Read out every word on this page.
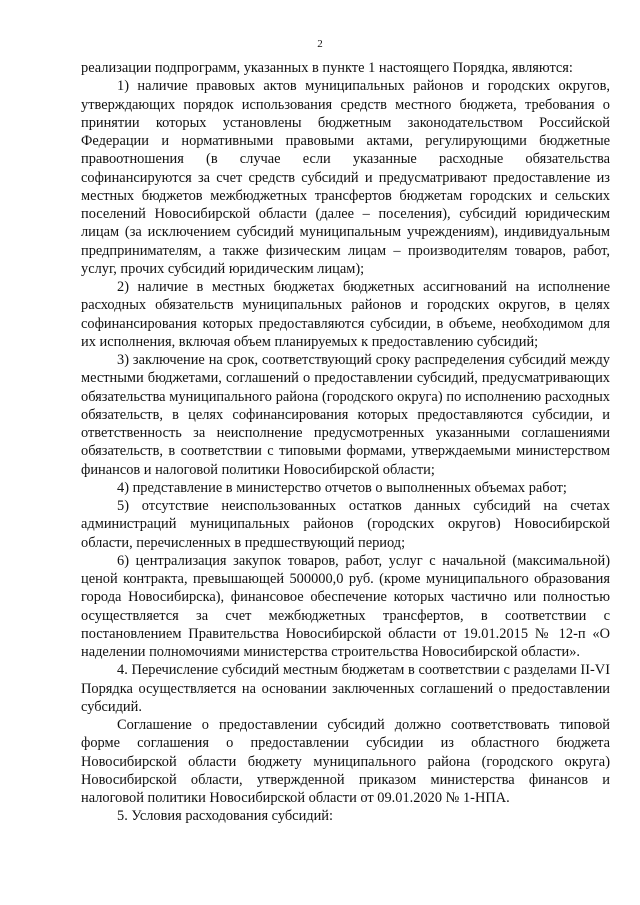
2

реализации подпрограмм, указанных в пункте 1 настоящего Порядка, являются:

1) наличие правовых актов муниципальных районов и городских округов, утверждающих порядок использования средств местного бюджета, требования о принятии которых установлены бюджетным законодательством Российской Федерации и нормативными правовыми актами, регулирующими бюджетные правоотношения (в случае если указанные расходные обязательства софинансируются за счет средств субсидий и предусматривают предоставление из местных бюджетов межбюджетных трансфертов бюджетам городских и сельских поселений Новосибирской области (далее – поселения), субсидий юридическим лицам (за исключением субсидий муниципальным учреждениям), индивидуальным предпринимателям, а также физическим лицам – производителям товаров, работ, услуг, прочих субсидий юридическим лицам);

2) наличие в местных бюджетах бюджетных ассигнований на исполнение расходных обязательств муниципальных районов и городских округов, в целях софинансирования которых предоставляются субсидии, в объеме, необходимом для их исполнения, включая объем планируемых к предоставлению субсидий;

3) заключение на срок, соответствующий сроку распределения субсидий между местными бюджетами, соглашений о предоставлении субсидий, предусматривающих обязательства муниципального района (городского округа) по исполнению расходных обязательств, в целях софинансирования которых предоставляются субсидии, и ответственность за неисполнение предусмотренных указанными соглашениями обязательств, в соответствии с типовыми формами, утверждаемыми министерством финансов и налоговой политики Новосибирской области;

4) представление в министерство отчетов о выполненных объемах работ;

5) отсутствие неиспользованных остатков данных субсидий на счетах администраций муниципальных районов (городских округов) Новосибирской области, перечисленных в предшествующий период;

6) централизация закупок товаров, работ, услуг с начальной (максимальной) ценой контракта, превышающей 500000,0 руб. (кроме муниципального образования города Новосибирска), финансовое обеспечение которых частично или полностью осуществляется за счет межбюджетных трансфертов, в соответствии с постановлением Правительства Новосибирской области от 19.01.2015 № 12-п «О наделении полномочиями министерства строительства Новосибирской области».

4. Перечисление субсидий местным бюджетам в соответствии с разделами II-VI Порядка осуществляется на основании заключенных соглашений о предоставлении субсидий.

Соглашение о предоставлении субсидий должно соответствовать типовой форме соглашения о предоставлении субсидии из областного бюджета Новосибирской области бюджету муниципального района (городского округа) Новосибирской области, утвержденной приказом министерства финансов и налоговой политики Новосибирской области от 09.01.2020 № 1-НПА.

5. Условия расходования субсидий:
